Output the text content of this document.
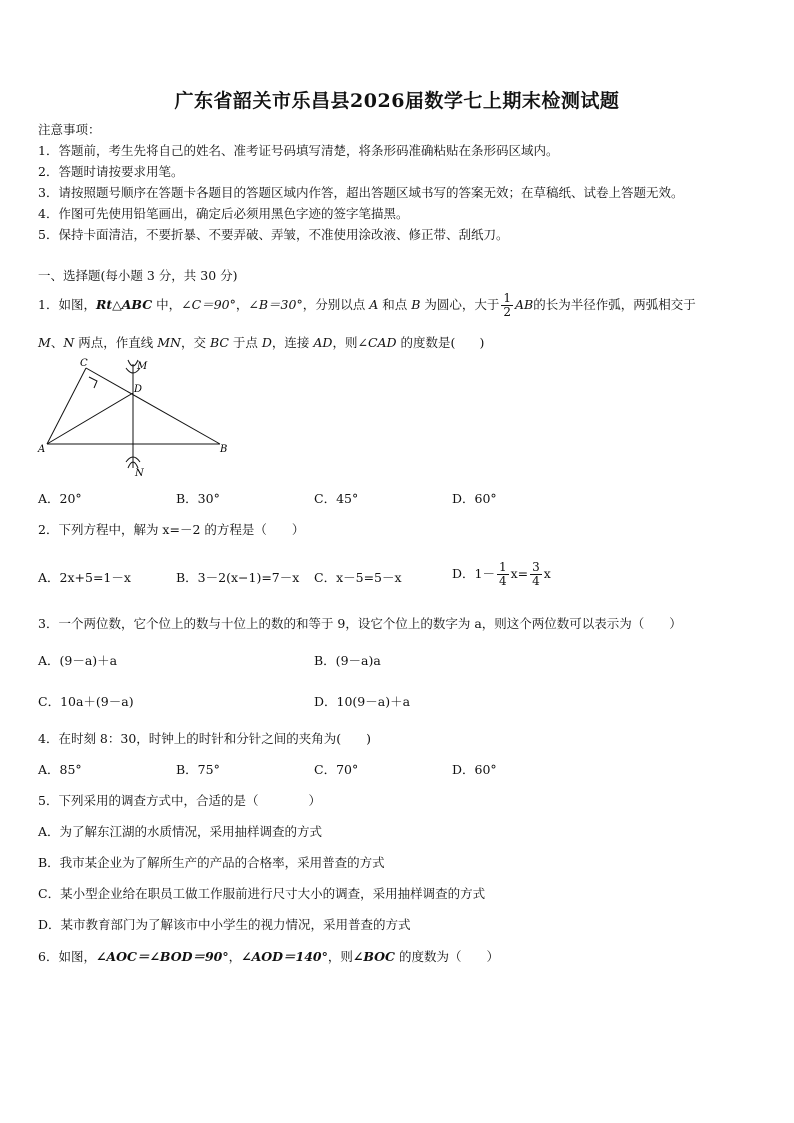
广东省韶关市乐昌县2026届数学七上期末检测试题
注意事项：
1．答题前，考生先将自己的姓名、准考证号码填写清楚，将条形码准确粘贴在条形码区域内。
2．答题时请按要求用笔。
3．请按照题号顺序在答题卡各题目的答题区域内作答，超出答题区域书写的答案无效；在草稿纸、试卷上答题无效。
4．作图可先使用铅笔画出，确定后必须用黑色字迹的签字笔描黑。
5．保持卡面清洁，不要折暴、不要弄破、弄皱，不准使用涂改液、修正带、刮纸刀。
一、选择题(每小题 3 分，共 30 分)
1．如图，Rt△ABC 中，∠C＝90°，∠B＝30°，分别以点 A 和点 B 为圆心，大于 $\frac{1}{2}$ AB的长为半径作弧，两弧相交于
M、N 两点，作直线 MN，交 BC 于点 D，连接 AD，则∠CAD 的度数是( )
C	M
D
A	B
N
A．20°	B．30°	C．45°	D．60°
2．下列方程中，解为 x=－2 的方程是（　　）
A．2x+5=1－x	B．3－2(x−1)=7－x C．x－5=5－x	D．$1- \frac{1}{4} x= \frac{3}{4}$ x
3．一个两位数，它个位上的数与十位上的数的和等于 9，设它个位上的数字为 a，则这个两位数可以表示为（　　）
A．(9－a)＋a	B．(9－a)a
C．10a＋(9－a)	D．10(9－a)＋a
4．在时刻 8：30，时钟上的时针和分针之间的夹角为(　　)
A．85°	B．75°	C．70°	D．60°
5．下列采用的调查方式中，合适的是（　　　　）
A．为了解东江湖的水质情况，采用抽样调查的方式
B．我市某企业为了解所生产的产品的合格率，采用普查的方式
C．某小型企业给在职员工做工作服前进行尺寸大小的调查，采用抽样调查的方式
D．某市教育部门为了解该市中小学生的视力情况，采用普查的方式
6．如图，∠AOC＝∠BOD＝90°，∠AOD＝140°，则∠BOC 的度数为（　　）
